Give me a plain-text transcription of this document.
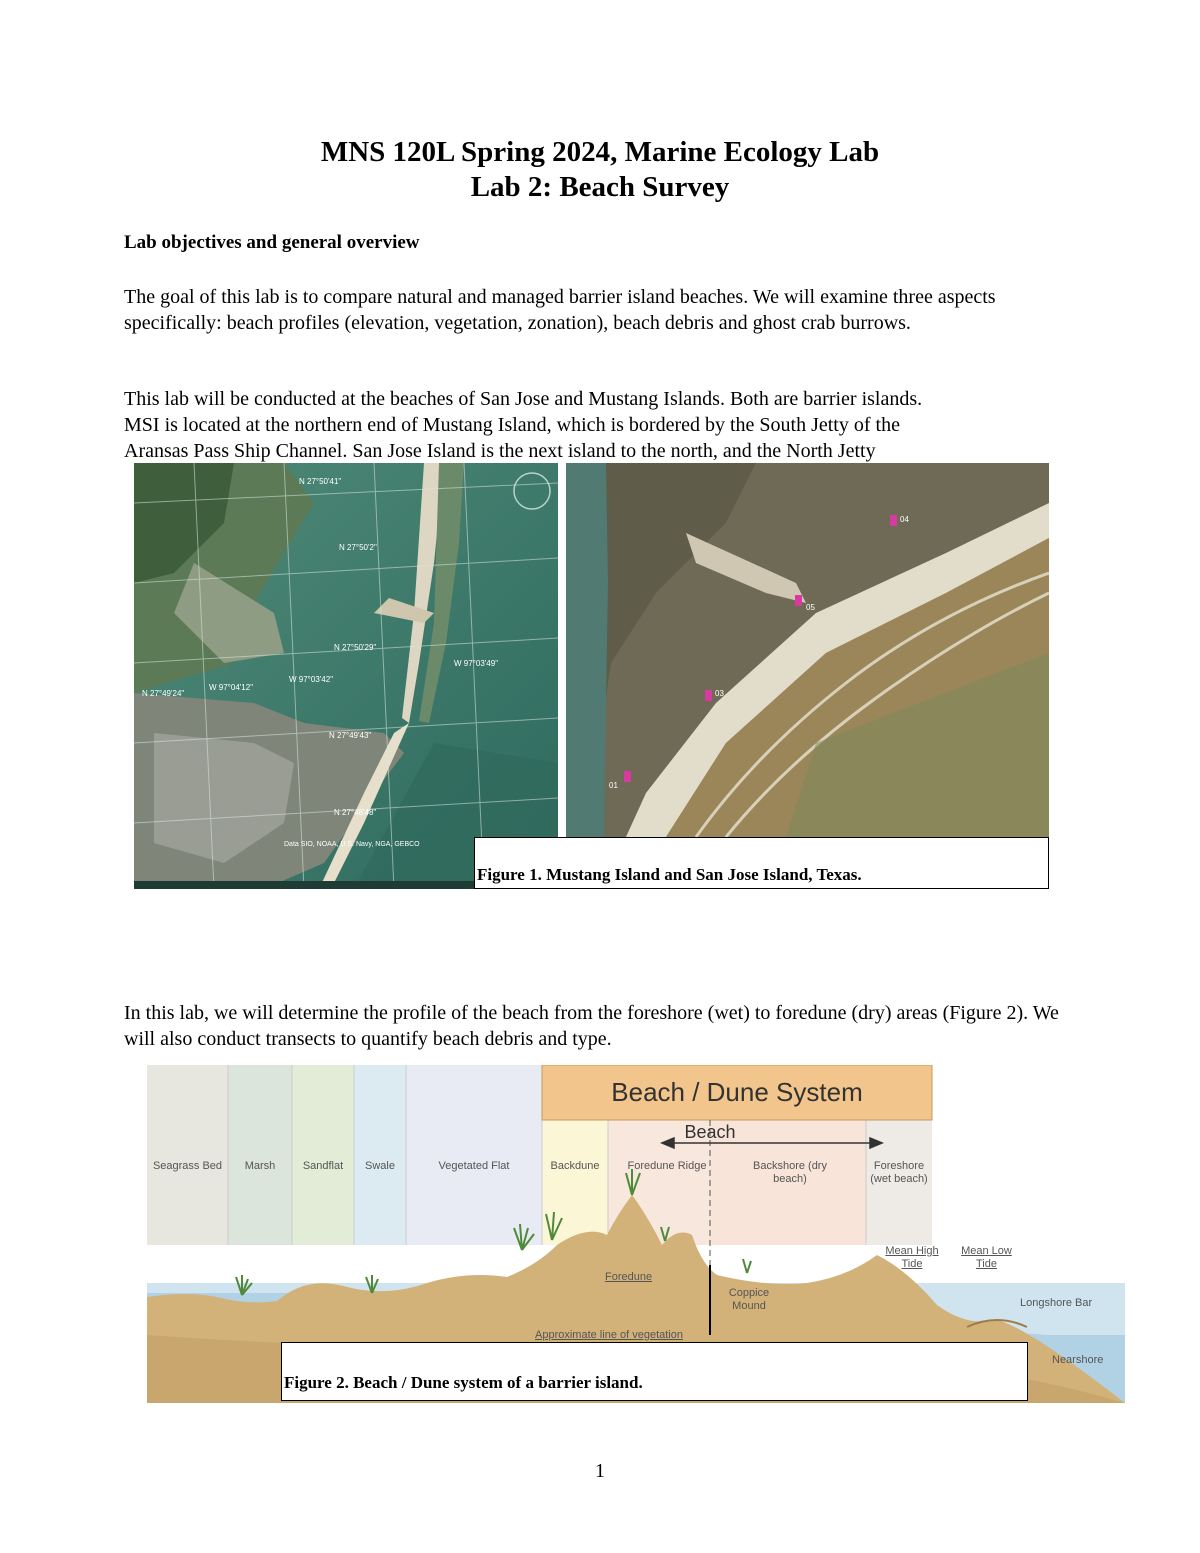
MNS 120L Spring 2024, Marine Ecology Lab
Lab 2: Beach Survey
Lab objectives and general overview
The goal of this lab is to compare natural and managed barrier island beaches. We will examine three aspects specifically: beach profiles (elevation, vegetation, zonation), beach debris and ghost crab burrows.
This lab will be conducted at the beaches of San Jose and Mustang Islands. Both are barrier islands.
MSI is located at the northern end of Mustang Island, which is bordered by the South Jetty of the
Aransas Pass Ship Channel. San Jose Island is the next island to the north, and the North Jetty
N 27°50'41"
N 27°50'2"
N 27°50'29"
W 97°04'12"
W 97°03'42"
W 97°03'49"
N 27°49'43"
N 27°49'24"
N 27°48'48"
Data SIO, NOAA, U.S. Navy, NGA, GEBCO
04
05
03
01
Figure 1. Mustang Island and San Jose Island, Texas.
In this lab, we will determine the profile of the beach from the foreshore (wet) to foredune (dry) areas (Figure 2). We will also conduct transects to quantify beach debris and type.
Beach / Dune System
Beach
Seagrass Bed	Marsh	Sandflat	Swale	Vegetated Flat	Backdune	Foredune Ridge	Backshore (dry beach)
Foreshore (wet beach)
Foredune
Coppice Mound
Approximate line of vegetation
Mean High Tide
Mean Low Tide
Longshore Bar
Nearshore
Figure 2. Beach / Dune system of a barrier island.
1
